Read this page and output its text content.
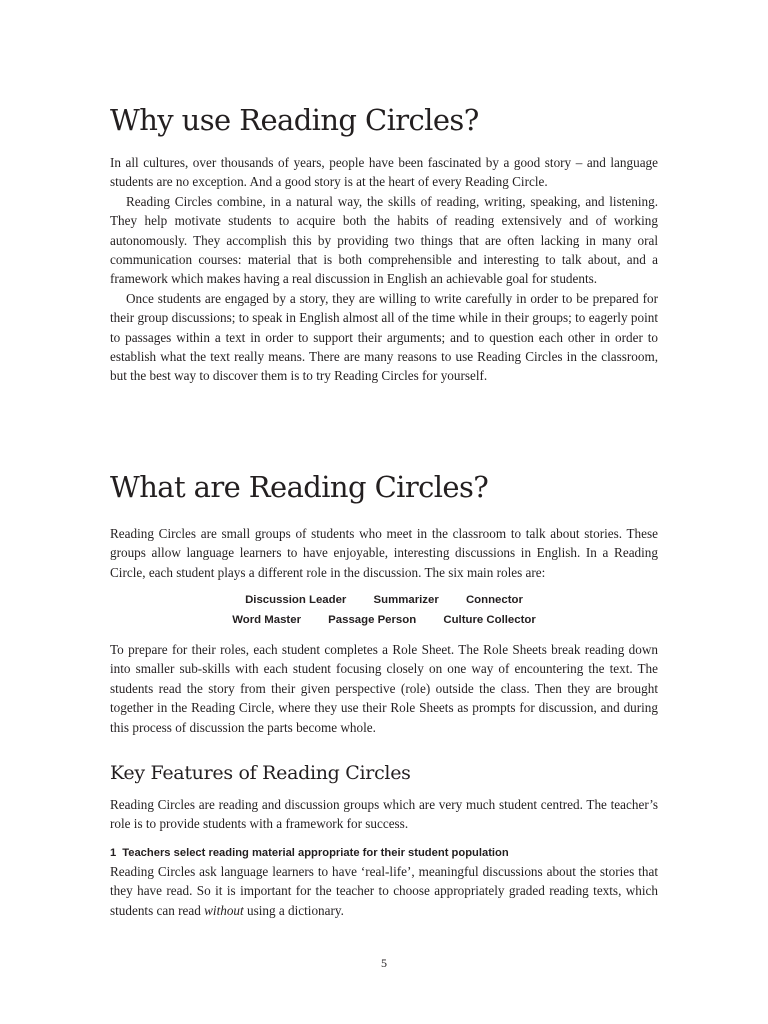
Why use Reading Circles?

In all cultures, over thousands of years, people have been fascinated by a good story – and language students are no exception. And a good story is at the heart of every Reading Circle.

Reading Circles combine, in a natural way, the skills of reading, writing, speaking, and listening. They help motivate students to acquire both the habits of reading extensively and of working autonomously. They accomplish this by providing two things that are often lacking in many oral communication courses: material that is both comprehensible and interesting to talk about, and a framework which makes having a real discussion in English an achievable goal for students.

Once students are engaged by a story, they are willing to write carefully in order to be prepared for their group discussions; to speak in English almost all of the time while in their groups; to eagerly point to passages within a text in order to support their arguments; and to question each other in order to establish what the text really means. There are many reasons to use Reading Circles in the classroom, but the best way to discover them is to try Reading Circles for yourself.

What are Reading Circles?

Reading Circles are small groups of students who meet in the classroom to talk about stories. These groups allow language learners to have enjoyable, interesting discussions in English. In a Reading Circle, each student plays a different role in the discussion. The six main roles are:

Discussion Leader Summarizer Connector
Word Master Passage Person Culture Collector

To prepare for their roles, each student completes a Role Sheet. The Role Sheets break reading down into smaller sub-skills with each student focusing closely on one way of encountering the text. The students read the story from their given perspective (role) outside the class. Then they are brought together in the Reading Circle, where they use their Role Sheets as prompts for discussion, and during this process of discussion the parts become whole.

Key Features of Reading Circles

Reading Circles are reading and discussion groups which are very much student centred. The teacher’s role is to provide students with a framework for success.

1 Teachers select reading material appropriate for their student population

Reading Circles ask language learners to have ‘real-life’, meaningful discussions about the stories that they have read. So it is important for the teacher to choose appropriately graded reading texts, which students can read without using a dictionary.

5
